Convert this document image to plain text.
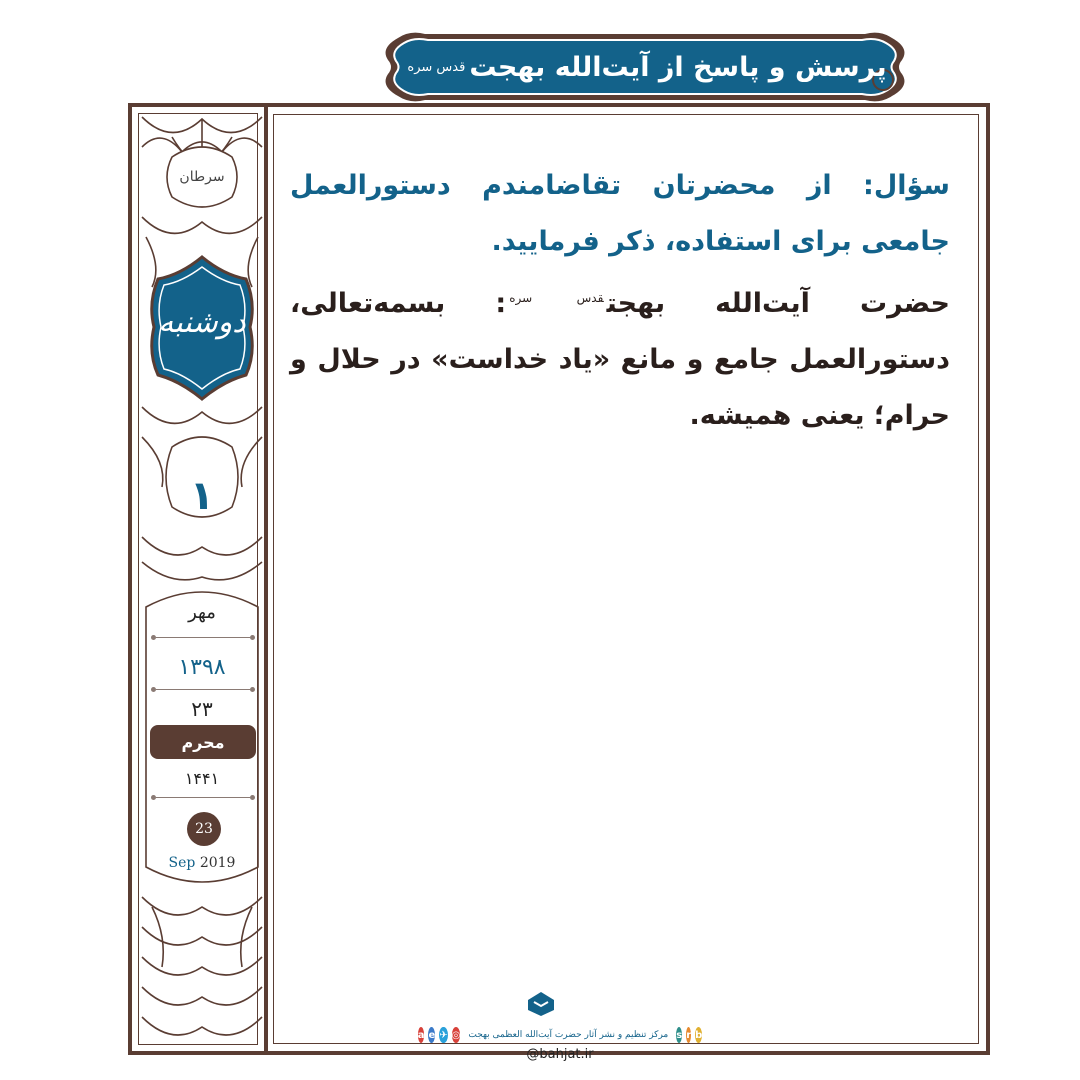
پرسش و پاسخ از آیت‌الله بهجت
قدس سره
سرطان
دوشنبه
۱
مهر
۱۳۹۸
۲۳
محرم
۱۴۴۱
23
Sep 2019
سؤال: از محضرتان تقاضامندم دستورالعمل جامعی برای استفاده، ذکر فرمایید.
حضرت آیت‌الله بهجت$^{قدس سره}$: بسمه‌تعالی، دستورالعمل جامع و مانع «یاد خداست» در حلال و حرام؛ یعنی همیشه.
a e ✈ ◎ مرکز تنظیم و نشر آثار حضرت آیت‌الله العظمی بهجت s r b
@bahjat.ir
